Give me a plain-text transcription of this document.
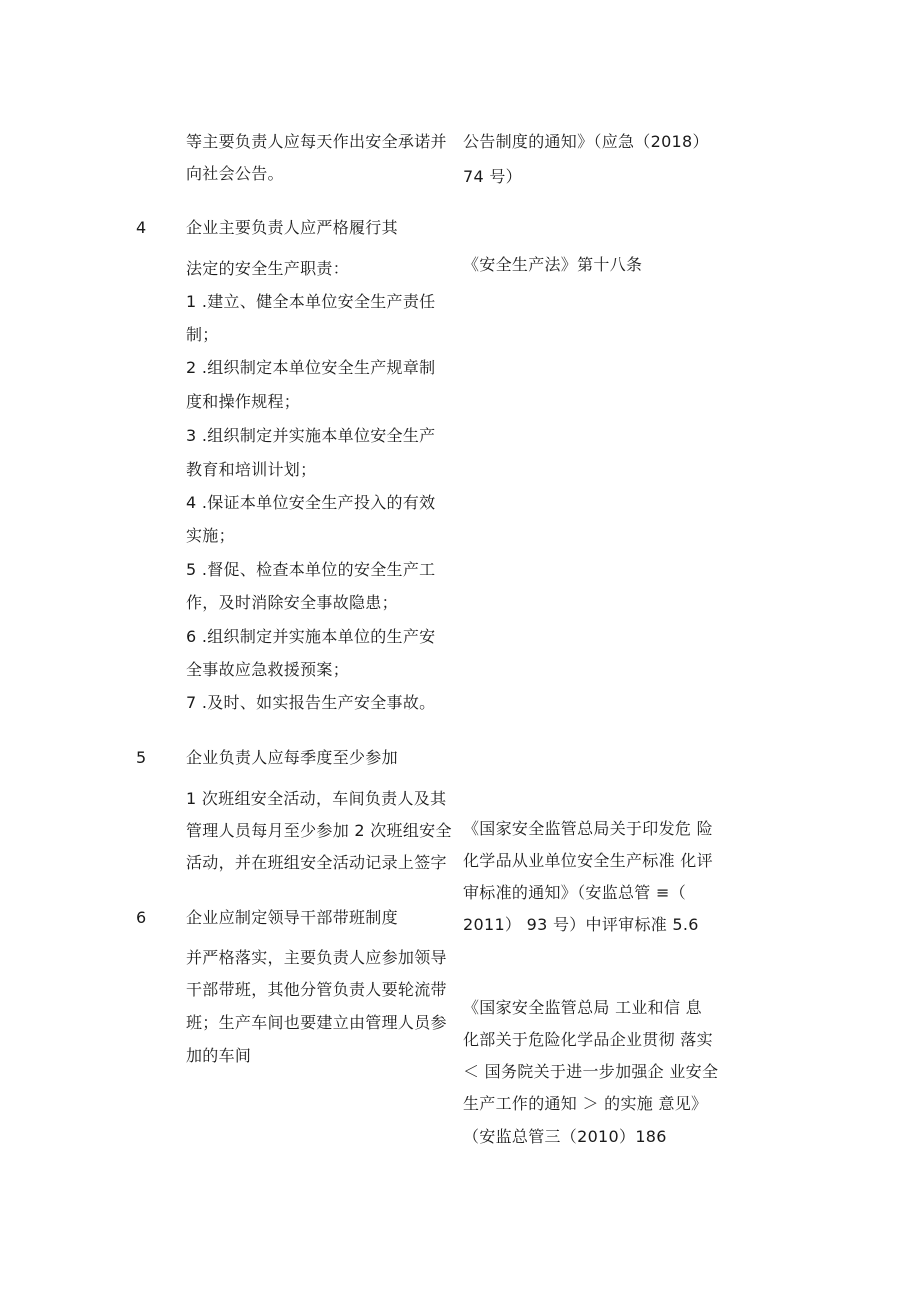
等主要负责人应每天作出安全承诺并
向社会公告。
公告制度的通知》（应急（2018）
74 号）
4 企业主要负责人应严格履行其
法定的安全生产职责：
1 .建立、健全本单位安全生产责任
制；
2 .组织制定本单位安全生产规章制
度和操作规程；
3 .组织制定并实施本单位安全生产
教育和培训计划；
4 .保证本单位安全生产投入的有效
实施；
5 .督促、检查本单位的安全生产工
作，及时消除安全事故隐患；
6 .组织制定并实施本单位的生产安
全事故应急救援预案；
7 .及时、如实报告生产安全事故。
《安全生产法》第十八条
5 企业负责人应每季度至少参加
1 次班组安全活动，车间负责人及其
管理人员每月至少参加 2 次班组安全
活动，并在班组安全活动记录上签字
《国家安全监管总局关于印发危 险
化学品从业单位安全生产标准 化评
审标准的通知》（安监总管 ≡（
2011） 93 号）中评审标准 5.6
6 企业应制定领导干部带班制度
并严格落实，主要负责人应参加领导
干部带班，其他分管负责人要轮流带
班；生产车间也要建立由管理人员参
加的车间
《国家安全监管总局 工业和信 息
化部关于危险化学品企业贯彻 落实
＜ 国务院关于进一步加强企 业安全
生产工作的通知 ＞ 的实施 意见》
（安监总管三（2010）186
